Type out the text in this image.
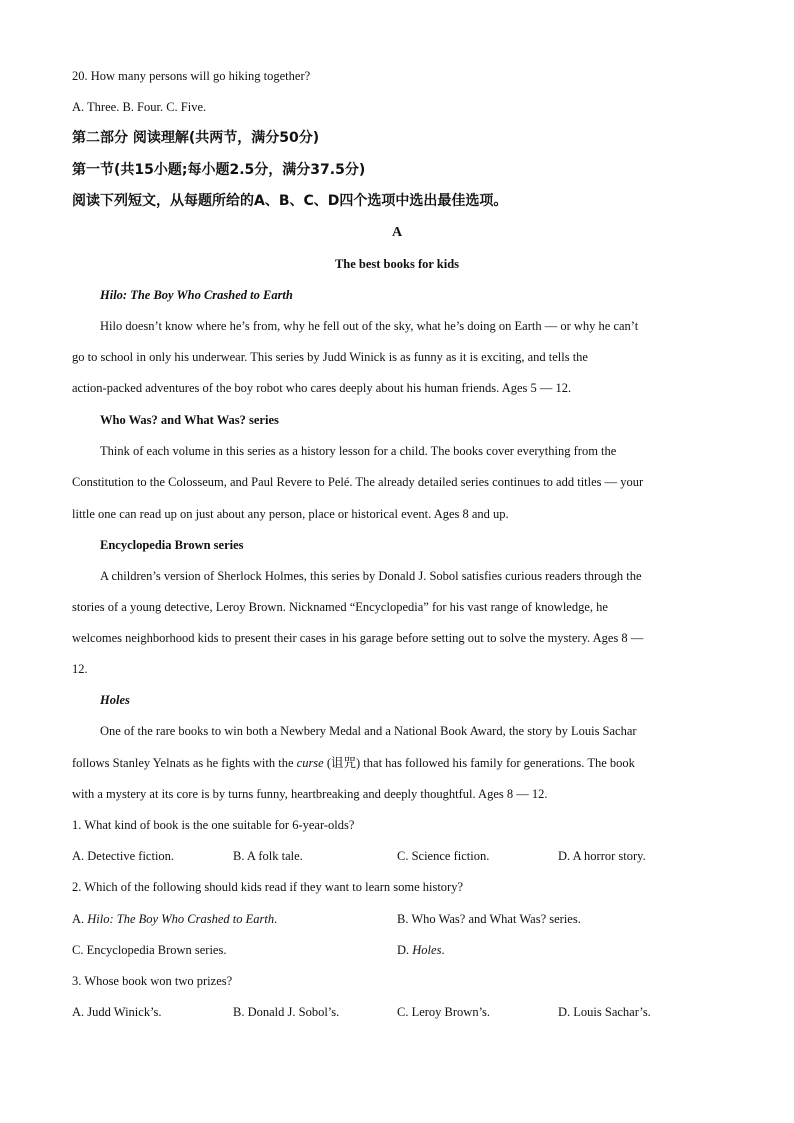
20. How many persons will go hiking together?
A. Three. B. Four. C. Five.
第二部分 阅读理解(共两节，满分50分)
第一节(共15小题;每小题2.5分，满分37.5分)
阅读下列短文，从每题所给的A、B、C、D四个选项中选出最佳选项。
A
The best books for kids
Hilo: The Boy Who Crashed to Earth
Hilo doesn’t know where he’s from, why he fell out of the sky, what he’s doing on Earth — or why he can’t
go to school in only his underwear. This series by Judd Winick is as funny as it is exciting, and tells the
action-packed adventures of the boy robot who cares deeply about his human friends. Ages 5 — 12.
Who Was? and What Was? series
Think of each volume in this series as a history lesson for a child. The books cover everything from the
Constitution to the Colosseum, and Paul Revere to Pelé. The already detailed series continues to add titles — your
little one can read up on just about any person, place or historical event. Ages 8 and up.
Encyclopedia Brown series
A children’s version of Sherlock Holmes, this series by Donald J. Sobol satisfies curious readers through the
stories of a young detective, Leroy Brown. Nicknamed “Encyclopedia” for his vast range of knowledge, he
welcomes neighborhood kids to present their cases in his garage before setting out to solve the mystery. Ages 8 —
12.
Holes
One of the rare books to win both a Newbery Medal and a National Book Award, the story by Louis Sachar
follows Stanley Yelnats as he fights with the curse (诅咒) that has followed his family for generations. The book
with a mystery at its core is by turns funny, heartbreaking and deeply thoughtful. Ages 8 — 12.
1. What kind of book is the one suitable for 6-year-olds?
A. Detective fiction.	B. A folk tale.	C. Science fiction.	D. A horror story.
2. Which of the following should kids read if they want to learn some history?
A. Hilo: The Boy Who Crashed to Earth.	B. Who Was? and What Was? series.
C. Encyclopedia Brown series.	D. Holes.
3. Whose book won two prizes?
A. Judd Winick’s.	B. Donald J. Sobol’s.	C. Leroy Brown’s.	D. Louis Sachar’s.
